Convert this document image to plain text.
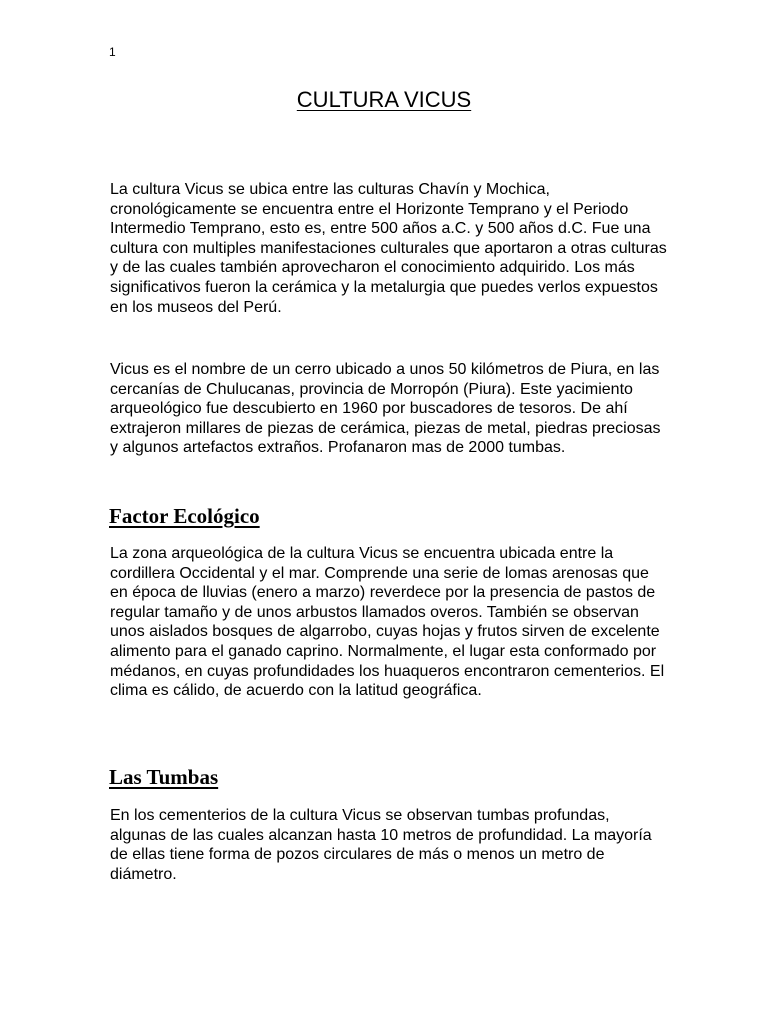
1
CULTURA VICUS

La cultura Vicus se ubica entre las culturas Chavín y Mochica, cronológicamente se encuentra entre el Horizonte Temprano y el Periodo Intermedio Temprano, esto es, entre 500 años a.C. y 500 años d.C. Fue una cultura con multiples manifestaciones culturales que aportaron a otras culturas y de las cuales también aprovecharon el conocimiento adquirido. Los más significativos fueron la cerámica y la metalurgia que puedes verlos expuestos en los museos del Perú.

Vicus es el nombre de un cerro ubicado a unos 50 kilómetros de Piura, en las cercanías de Chulucanas, provincia de Morropón (Piura). Este yacimiento arqueológico fue descubierto en 1960 por buscadores de tesoros. De ahí extrajeron millares de piezas de cerámica, piezas de metal, piedras preciosas y algunos artefactos extraños. Profanaron mas de 2000 tumbas.

Factor Ecológico

La zona arqueológica de la cultura Vicus se encuentra ubicada entre la cordillera Occidental y el mar. Comprende una serie de lomas arenosas que en época de lluvias (enero a marzo) reverdece por la presencia de pastos de regular tamaño y de unos arbustos llamados overos. También se observan unos aislados bosques de algarrobo, cuyas hojas y frutos sirven de excelente alimento para el ganado caprino. Normalmente, el lugar esta conformado por médanos, en cuyas profundidades los huaqueros encontraron cementerios. El clima es cálido, de acuerdo con la latitud geográfica.

Las Tumbas

En los cementerios de la cultura Vicus se observan tumbas profundas, algunas de las cuales alcanzan hasta 10 metros de profundidad. La mayoría de ellas tiene forma de pozos circulares de más o menos un metro de diámetro.
